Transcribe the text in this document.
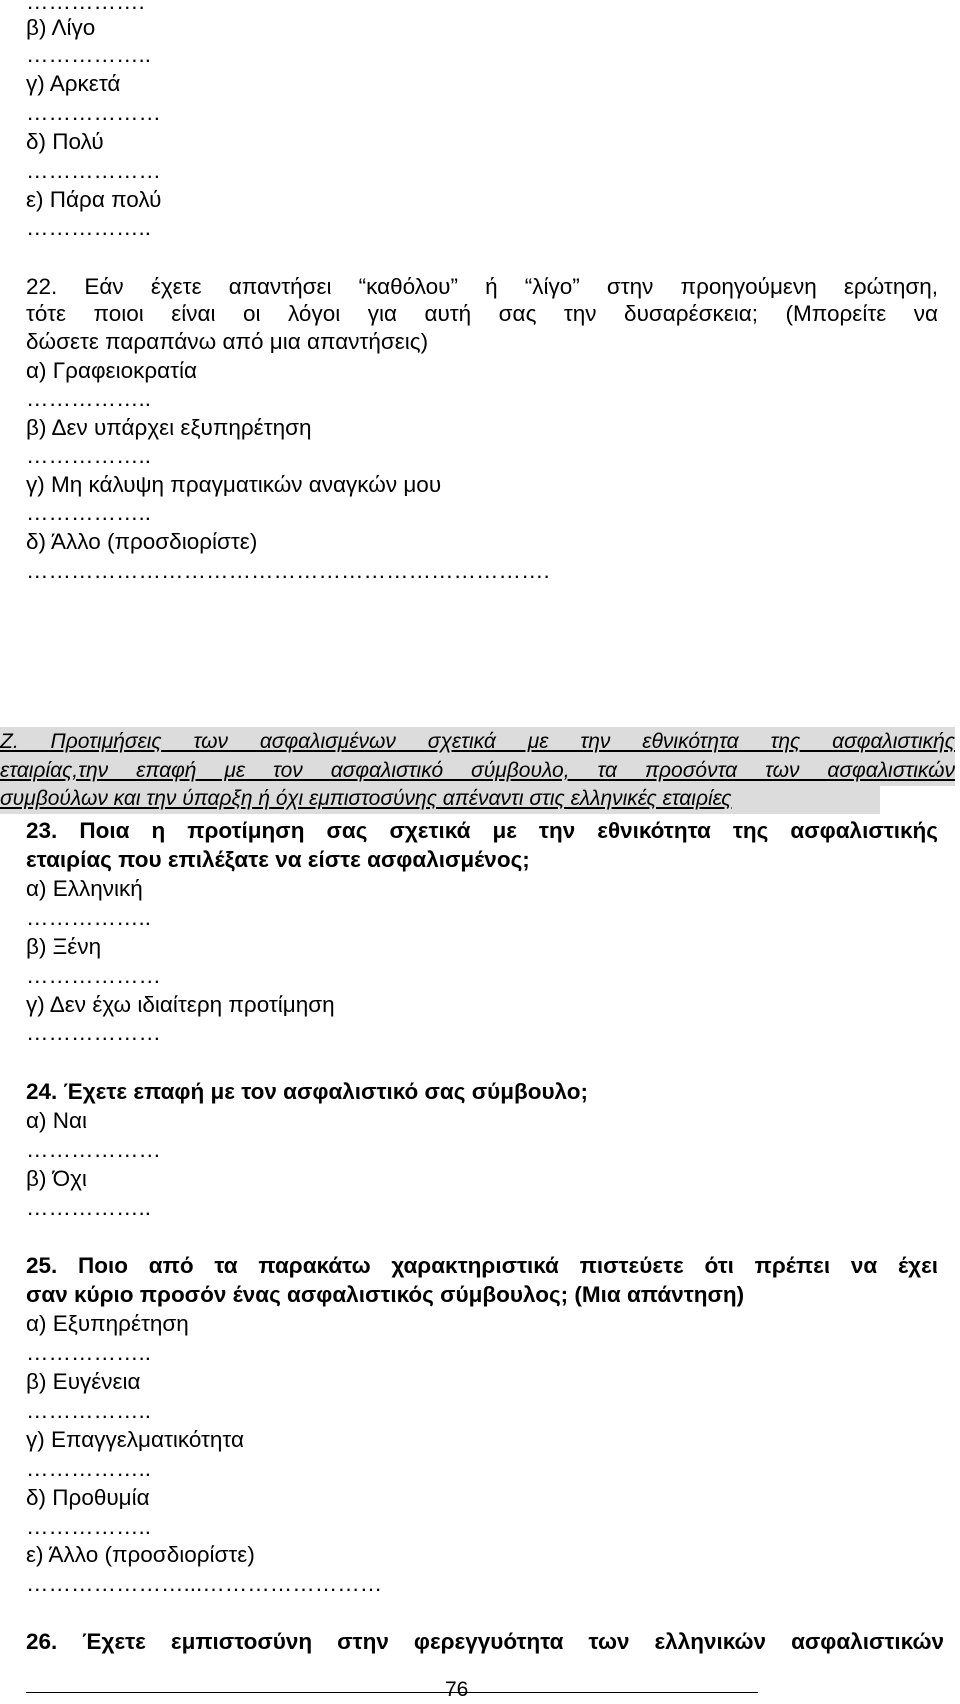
…………….
β) Λίγο
……………..
γ) Αρκετά
………………
δ) Πολύ
………………
ε) Πάρα πολύ
……………..
22. Εάν έχετε απαντήσει “καθόλου” ή “λίγο” στην προηγούμενη ερώτηση,
τότε ποιοι είναι οι λόγοι για αυτή σας την δυσαρέσκεια; (Μπορείτε να
δώσετε παραπάνω από μια απαντήσεις)
α) Γραφειοκρατία
……………..
β) Δεν υπάρχει εξυπηρέτηση
……………..
γ) Μη κάλυψη πραγματικών αναγκών μου
……………..
δ) Άλλο (προσδιορίστε)
…………………………………………………………….
Ζ. Προτιμήσεις των ασφαλισμένων σχετικά με την εθνικότητα της ασφαλιστικής
εταιρίας,την επαφή με τον ασφαλιστικό σύμβουλο, τα προσόντα των ασφαλιστικών
συμβούλων και την ύπαρξη ή όχι εμπιστοσύνης απέναντι στις ελληνικές εταιρίες
23. Ποια η προτίμηση σας σχετικά με την εθνικότητα της ασφαλιστικής
εταιρίας που επιλέξατε να είστε ασφαλισμένος;
α) Ελληνική
……………..
β) Ξένη
………………
γ) Δεν έχω ιδιαίτερη προτίμηση
………………
24. Έχετε επαφή με τον ασφαλιστικό σας σύμβουλο;
α) Ναι
………………
β) Όχι
……………..
25. Ποιο από τα παρακάτω χαρακτηριστικά πιστεύετε ότι πρέπει να έχει
σαν κύριο προσόν ένας ασφαλιστικός σύμβουλος; (Μια απάντηση)
α) Εξυπηρέτηση
……………..
β) Ευγένεια
……………..
γ) Επαγγελματικότητα
……………..
δ) Προθυμία
……………..
ε) Άλλο (προσδιορίστε)
…………………...……………………
26. Έχετε εμπιστοσύνη στην φερεγγυότητα των ελληνικών ασφαλιστικών
76
